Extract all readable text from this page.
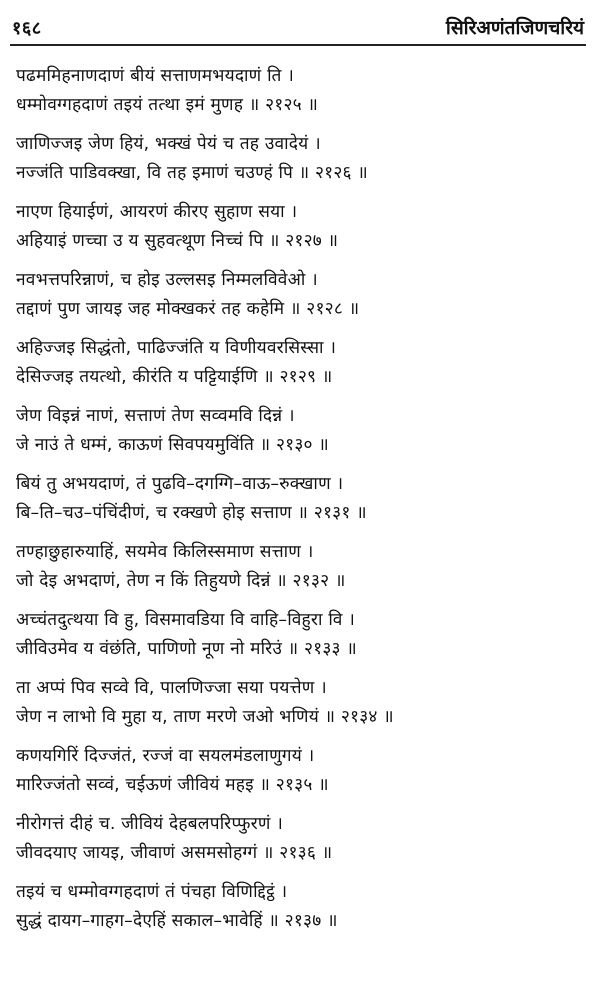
१६८	सिरिअणंतजिणचरियं
पढममिहनाणदाणं बीयं सत्ताणमभयदाणं ति ।
धम्मोवग्गहदाणं तइयं तत्था इमं मुणह ॥ २१२५ ॥
जाणिज्जइ जेण हियं, भक्खं पेयं च तह उवादेयं ।
नज्जंति पाडिवक्खा, वि तह इमाणं चउण्हं पि ॥ २१२६ ॥
नाएण हियाईणं, आयरणं कीरए सुहाण सया ।
अहियाइं णच्चा उ य सुहवत्थूण निच्चं पि ॥ २१२७ ॥
नवभत्तपरिन्नाणं, च होइ उल्लसइ निम्मलविवेओ ।
तद्दाणं पुण जायइ जह मोक्खकरं तह कहेमि ॥ २१२८ ॥
अहिज्जइ सिद्धंतो, पाढिज्जंति य विणीयवरसिस्सा ।
देसिज्जइ तयत्थो, कीरंति य पट्टियाईणि ॥ २१२९ ॥
जेण विइन्नं नाणं, सत्ताणं तेण सव्वमवि दिन्नं ।
जे नाउं ते धम्मं, काऊणं सिवपयमुविंति ॥ २१३० ॥
बियं तु अभयदाणं, तं पुढवि–दगग्गि–वाऊ–रुक्खाण ।
बि–ति–चउ–पंचिंदीणं, च रक्खणे होइ सत्ताण ॥ २१३१ ॥
तण्हाछुहारुयाहिं, सयमेव किलिस्समाण सत्ताण ।
जो देइ अभदाणं, तेण न किं तिहुयणे दिन्नं ॥ २१३२ ॥
अच्चंतदुत्थया वि हु, विसमावडिया वि वाहि–विहुरा वि ।
जीविउमेव य वंछंति, पाणिणो नूण नो मरिउं ॥ २१३३ ॥
ता अप्पं पिव सव्वे वि, पालणिज्जा सया पयत्तेण ।
जेण न लाभो वि मुहा य, ताण मरणे जओ भणियं ॥ २१३४ ॥
कणयगिरिं दिज्जंतं, रज्जं वा सयलमंडलाणुगयं ।
मारिज्जंतो सव्वं, चईऊणं जीवियं महइ ॥ २१३५ ॥
नीरोगत्तं दीहं च. जीवियं देहबलपरिप्फुरणं ।
जीवदयाए जायइ, जीवाणं असमसोहग्गं ॥ २१३६ ॥
तइयं च धम्मोवग्गहदाणं तं पंचहा विणिद्दिट्ठं ।
सुद्धं दायग–गाहग–देएहिं सकाल–भावेहिं ॥ २१३७ ॥
